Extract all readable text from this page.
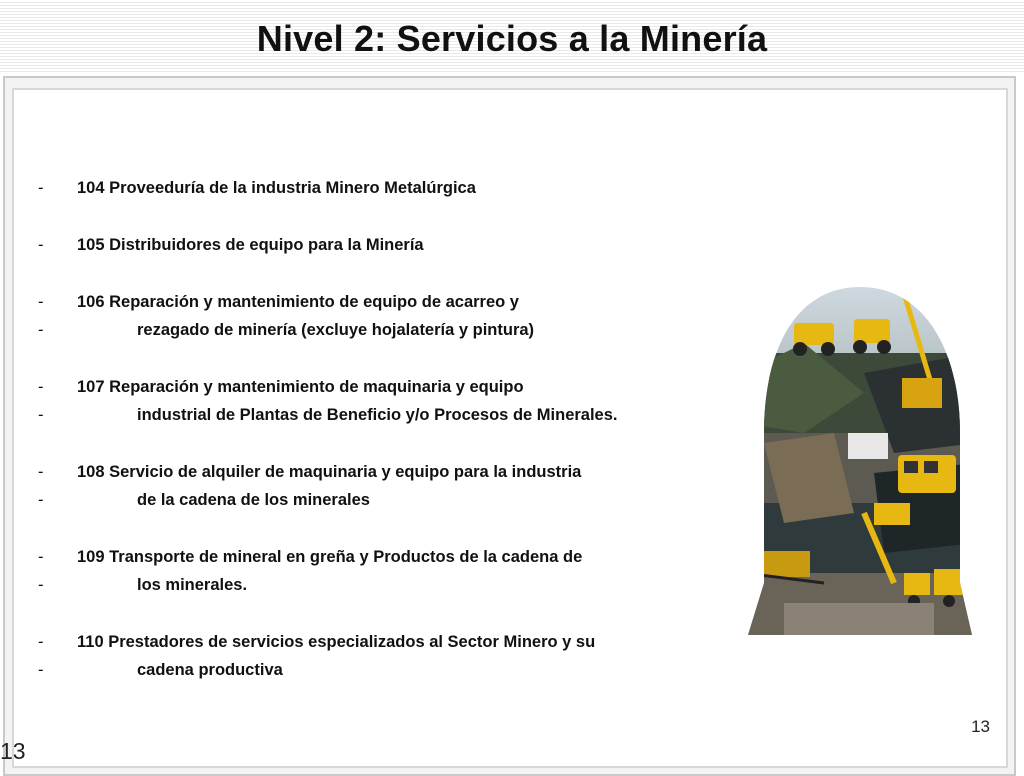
Nivel 2: Servicios a la Minería
- 104 Proveeduría de la industria Minero Metalúrgica
- 105 Distribuidores de equipo para la Minería
- 106 Reparación y mantenimiento de equipo de acarreo y
-	rezagado de minería (excluye hojalatería y pintura)
- 107 Reparación y mantenimiento de maquinaria y equipo
-	industrial de Plantas de Beneficio y/o Procesos de Minerales.
- 108 Servicio de alquiler de maquinaria y equipo para la industria
-	de la cadena de los minerales
- 109 Transporte de mineral en greña y Productos de la cadena de
-	los minerales.
- 110 Prestadores de servicios especializados al Sector Minero y su
-	cadena productiva
13
13
